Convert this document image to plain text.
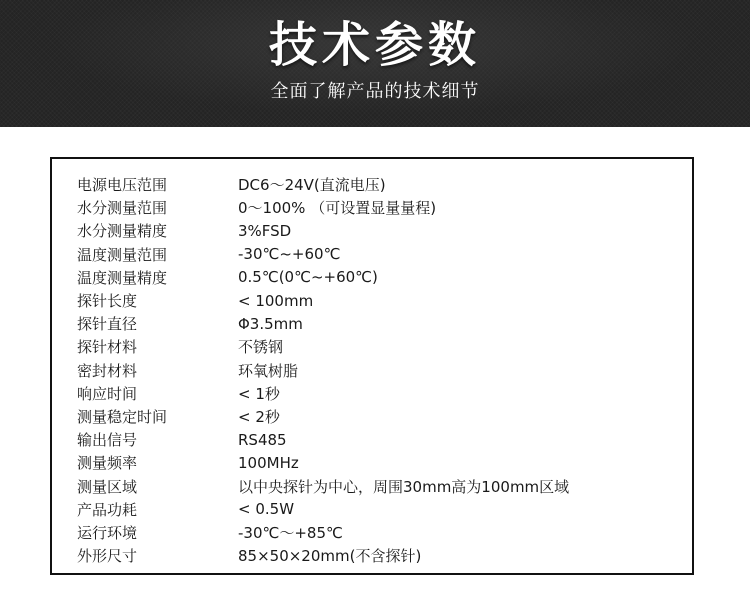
技术参数
全面了解产品的技术细节
电源电压范围	DC6～24V(直流电压)
水分测量范围	0～100% （可设置显量量程)
水分测量精度	3%FSD
温度测量范围	-30℃~+60℃
温度测量精度	0.5℃(0℃~+60℃)
探针长度	< 100mm
探针直径	Φ3.5mm
探针材料	不锈钢
密封材料	环氧树脂
响应时间	< 1秒
测量稳定时间	< 2秒
输出信号	RS485
测量频率	100MHz
测量区域	以中央探针为中心，周围30mm高为100mm区域
产品功耗	< 0.5W
运行环境	-30℃～+85℃
外形尺寸	85×50×20mm(不含探针)
